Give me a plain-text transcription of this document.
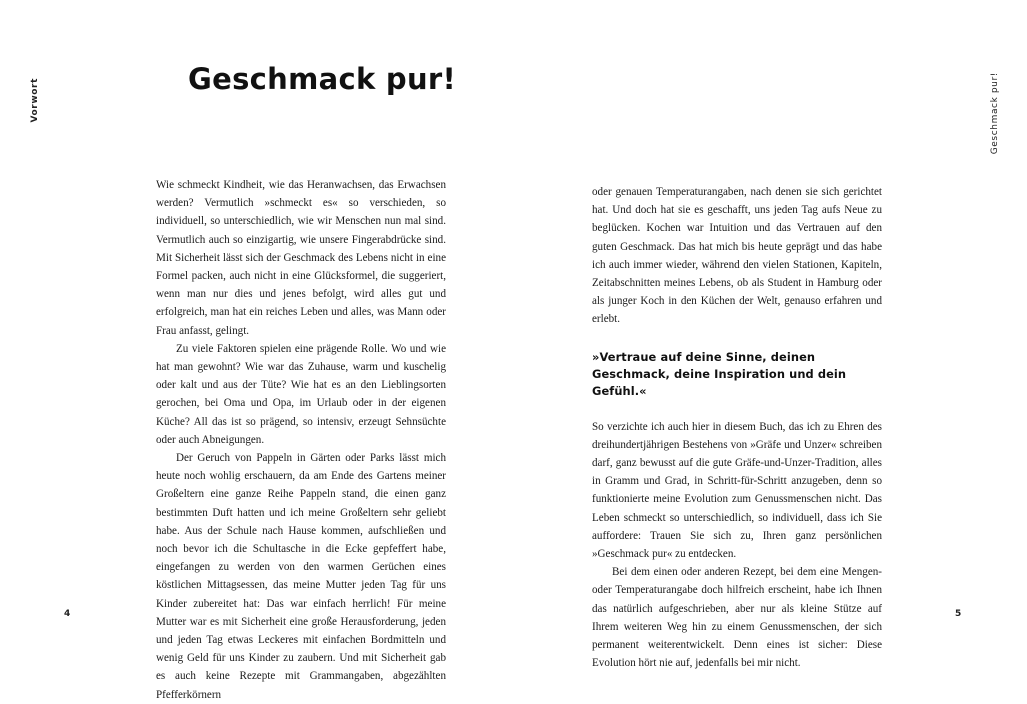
Vorwort	Geschmack pur!
Geschmack pur!

Wie schmeckt Kindheit, wie das Heranwachsen, das Erwachsen werden? Vermutlich »schmeckt es« so verschieden, so individuell, so unterschiedlich, wie wir Menschen nun mal sind. Vermutlich auch so einzigartig, wie unsere Fingerabdrücke sind. Mit Sicherheit lässt sich der Geschmack des Lebens nicht in eine Formel packen, auch nicht in eine Glücksformel, die suggeriert, wenn man nur dies und jenes befolgt, wird alles gut und erfolgreich, man hat ein reiches Leben und alles, was Mann oder Frau anfasst, gelingt.

Zu viele Faktoren spielen eine prägende Rolle. Wo und wie hat man gewohnt? Wie war das Zuhause, warm und kuschelig oder kalt und aus der Tüte? Wie hat es an den Lieblingsorten gerochen, bei Oma und Opa, im Urlaub oder in der eigenen Küche? All das ist so prägend, so intensiv, erzeugt Sehnsüchte oder auch Abneigungen.

Der Geruch von Pappeln in Gärten oder Parks lässt mich heute noch wohlig erschauern, da am Ende des Gartens meiner Großeltern eine ganze Reihe Pappeln stand, die einen ganz bestimmten Duft hatten und ich meine Großeltern sehr geliebt habe. Aus der Schule nach Hause kommen, aufschließen und noch bevor ich die Schultasche in die Ecke gepfeffert habe, eingefangen zu werden von den warmen Gerüchen eines köstlichen Mittagsessen, das meine Mutter jeden Tag für uns Kinder zubereitet hat: Das war einfach herrlich! Für meine Mutter war es mit Sicherheit eine große Herausforderung, jeden und jeden Tag etwas Leckeres mit einfachen Bordmitteln und wenig Geld für uns Kinder zu zaubern. Und mit Sicherheit gab es auch keine Rezepte mit Grammangaben, abgezählten Pfefferkörnern

oder genauen Temperaturangaben, nach denen sie sich gerichtet hat. Und doch hat sie es geschafft, uns jeden Tag aufs Neue zu beglücken. Kochen war Intuition und das Vertrauen auf den guten Geschmack. Das hat mich bis heute geprägt und das habe ich auch immer wieder, während den vielen Stationen, Kapiteln, Zeitabschnitten meines Lebens, ob als Student in Hamburg oder als junger Koch in den Küchen der Welt, genauso erfahren und erlebt.

»Vertraue auf deine Sinne, deinen Geschmack, deine Inspiration und dein Gefühl.«

So verzichte ich auch hier in diesem Buch, das ich zu Ehren des dreihundertjährigen Bestehens von »Gräfe und Unzer« schreiben darf, ganz bewusst auf die gute Gräfe-und-Unzer-Tradition, alles in Gramm und Grad, in Schritt-für-Schritt anzugeben, denn so funktionierte meine Evolution zum Genussmenschen nicht. Das Leben schmeckt so unterschiedlich, so individuell, dass ich Sie auffordere: Trauen Sie sich zu, Ihren ganz persönlichen »Geschmack pur« zu entdecken.

Bei dem einen oder anderen Rezept, bei dem eine Mengenoder Temperaturangabe doch hilfreich erscheint, habe ich Ihnen das natürlich aufgeschrieben, aber nur als kleine Stütze auf Ihrem weiteren Weg hin zu einem Genussmenschen, der sich permanent weiterentwickelt. Denn eines ist sicher: Diese Evolution hört nie auf, jedenfalls bei mir nicht.

4	5
